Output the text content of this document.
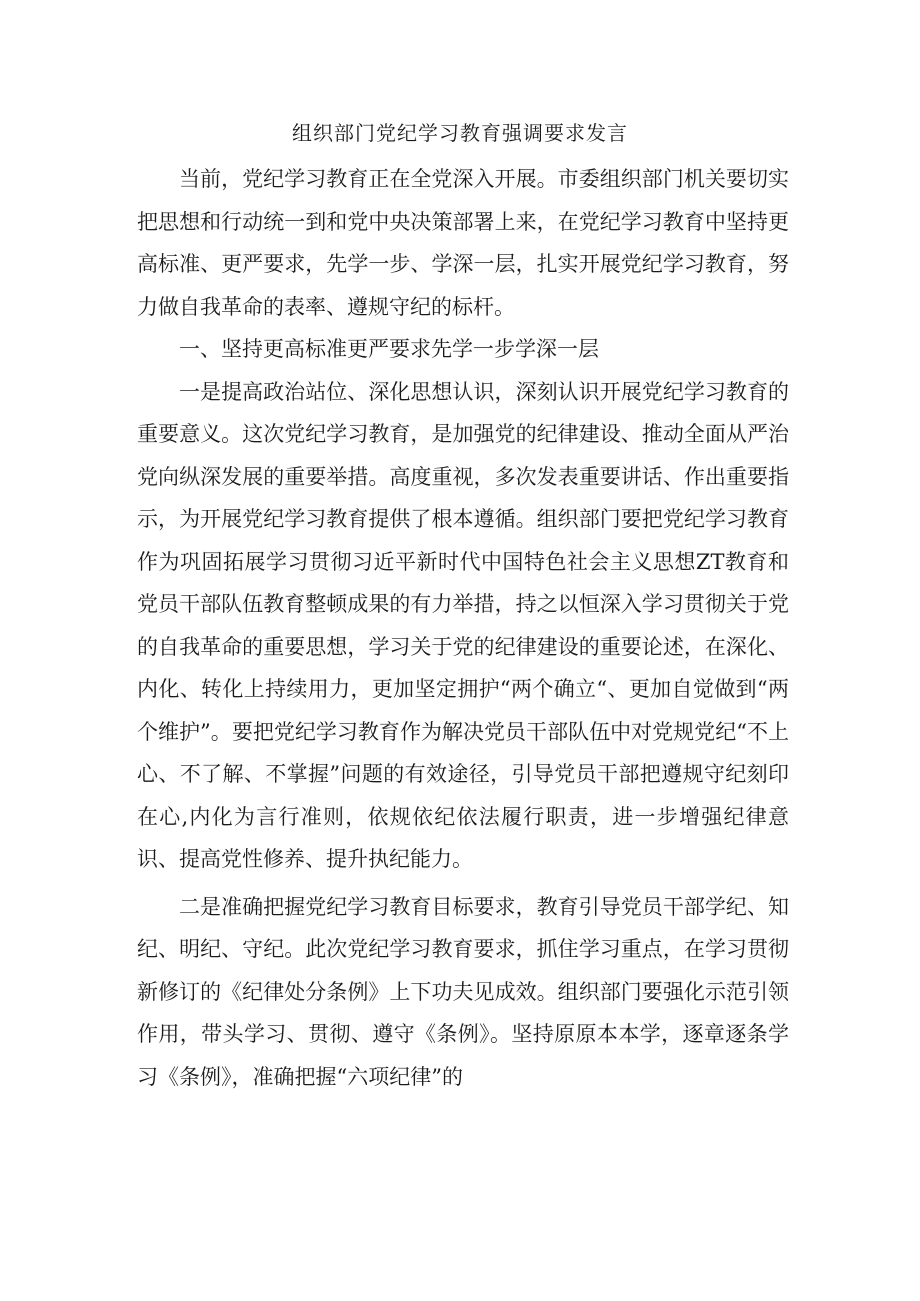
组织部门党纪学习教育强调要求发言

当前，党纪学习教育正在全党深入开展。市委组织部门机关要切实把思想和行动统一到和党中央决策部署上来，在党纪学习教育中坚持更高标准、更严要求，先学一步、学深一层，扎实开展党纪学习教育，努力做自我革命的表率、遵规守纪的标杆。

一、坚持更高标准更严要求先学一步学深一层

一是提高政治站位、深化思想认识，深刻认识开展党纪学习教育的重要意义。这次党纪学习教育，是加强党的纪律建设、推动全面从严治党向纵深发展的重要举措。高度重视，多次发表重要讲话、作出重要指示，为开展党纪学习教育提供了根本遵循。组织部门要把党纪学习教育作为巩固拓展学习贯彻习近平新时代中国特色社会主义思想ZT教育和党员干部队伍教育整顿成果的有力举措，持之以恒深入学习贯彻关于党的自我革命的重要思想，学习关于党的纪律建设的重要论述，在深化、内化、转化上持续用力，更加坚定拥护“两个确立“、更加自觉做到“两个维护”。要把党纪学习教育作为解决党员干部队伍中对党规党纪“不上心、不了解、不掌握”问题的有效途径，引导党员干部把遵规守纪刻印在心,内化为言行准则，依规依纪依法履行职责，进一步增强纪律意识、提高党性修养、提升执纪能力。

二是准确把握党纪学习教育目标要求，教育引导党员干部学纪、知纪、明纪、守纪。此次党纪学习教育要求，抓住学习重点，在学习贯彻新修订的《纪律处分条例》上下功夫见成效。组织部门要强化示范引领作用，带头学习、贯彻、遵守《条例》。坚持原原本本学，逐章逐条学习《条例》，准确把握“六项纪律”的
